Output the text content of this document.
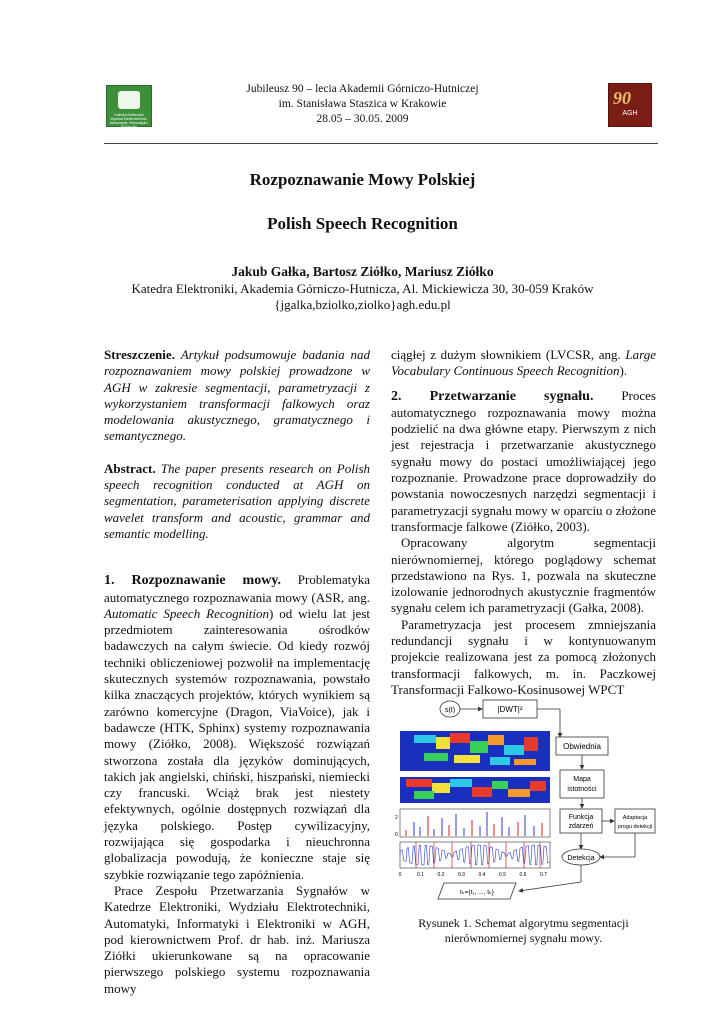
Katedra Elektroniki Wydział Elektrotechniki, Automatyki, Informatyki i Elektroniki
Jubileusz 90 – lecia Akademii Górniczo-Hutniczej
im. Stanisława Staszica w Krakowie
28.05 – 30.05. 2009
90
AGH
Rozpoznawanie Mowy Polskiej
Polish Speech Recognition
Jakub Gałka, Bartosz Ziółko, Mariusz Ziółko
Katedra Elektroniki, Akademia Górniczo-Hutnicza, Al. Mickiewicza 30, 30-059 Kraków
{jgalka,bziolko,ziolko}agh.edu.pl

Streszczenie. Artykuł podsumowuje badania nad rozpoznawaniem mowy polskiej prowadzone w AGH w zakresie segmentacji, parametryzacji z wykorzystaniem transformacji falkowych oraz modelowania akustycznego, gramatycznego i semantycznego.

Abstract. The paper presents research on Polish speech recognition conducted at AGH on segmentation, parameterisation applying discrete wavelet transform and acoustic, grammar and semantic modelling.

1. Rozpoznawanie mowy. Problematyka automatycznego rozpoznawania mowy (ASR, ang. Automatic Speech Recognition) od wielu lat jest przedmiotem zainteresowania ośrodków badawczych na całym świecie. Od kiedy rozwój techniki obliczeniowej pozwolił na implementację skutecznych systemów rozpoznawania, powstało kilka znaczących projektów, których wynikiem są zarówno komercyjne (Dragon, ViaVoice), jak i badawcze (HTK, Sphinx) systemy rozpoznawania mowy (Ziółko, 2008). Większość rozwiązań stworzona została dla języków dominujących, takich jak angielski, chiński, hiszpański, niemiecki czy francuski. Wciąż brak jest niestety efektywnych, ogólnie dostępnych rozwiązań dla języka polskiego. Postęp cywilizacyjny, rozwijająca się gospodarka i nieuchronna globalizacja powodują, że konieczne staje się szybkie rozwiązanie tego zapóźnienia.

Prace Zespołu Przetwarzania Sygnałów w Katedrze Elektroniki, Wydziału Elektrotechniki, Automatyki, Informatyki i Elektroniki w AGH, pod kierownictwem Prof. dr hab. inż. Mariusza Ziółki ukierunkowane są na opracowanie pierwszego polskiego systemu rozpoznawania mowy

ciągłej z dużym słownikiem (LVCSR, ang. Large Vocabulary Continuous Speech Recognition).

2. Przetwarzanie sygnału. Proces automatycznego rozpoznawania mowy można podzielić na dwa główne etapy. Pierwszym z nich jest rejestracja i przetwarzanie akustycznego sygnału mowy do postaci umożliwiającej jego rozpoznanie. Prowadzone prace doprowadziły do powstania nowoczesnych narzędzi segmentacji i parametryzacji sygnału mowy w oparciu o złożone transformacje falkowe (Ziółko, 2003).

Opracowany algorytm segmentacji nierównomiernej, którego poglądowy schemat przedstawiono na Rys. 1, pozwala na skuteczne izolowanie jednorodnych akustycznie fragmentów sygnału celem ich parametryzacji (Gałka, 2008).

Parametryzacja jest procesem zmniejszania redundancji sygnału i w kontynuowanym projekcie realizowana jest za pomocą złożonych transformacji falkowych, m. in. Paczkowej Transformacji Falkowo-Kosinusowej WPCT

s(t)	|DWT|²
Obwiednia
Mapa
istotności
2
0
Funkcja
zdarzeń
Adaptacja
progu detekcji
0	0.1	0.2	0.3	0.4	0.5	0.6	0.7
Detekcja
tₖ={t₁, ..., tₖ}
Rysunek 1. Schemat algorytmu segmentacji nierównomiernej sygnału mowy.
